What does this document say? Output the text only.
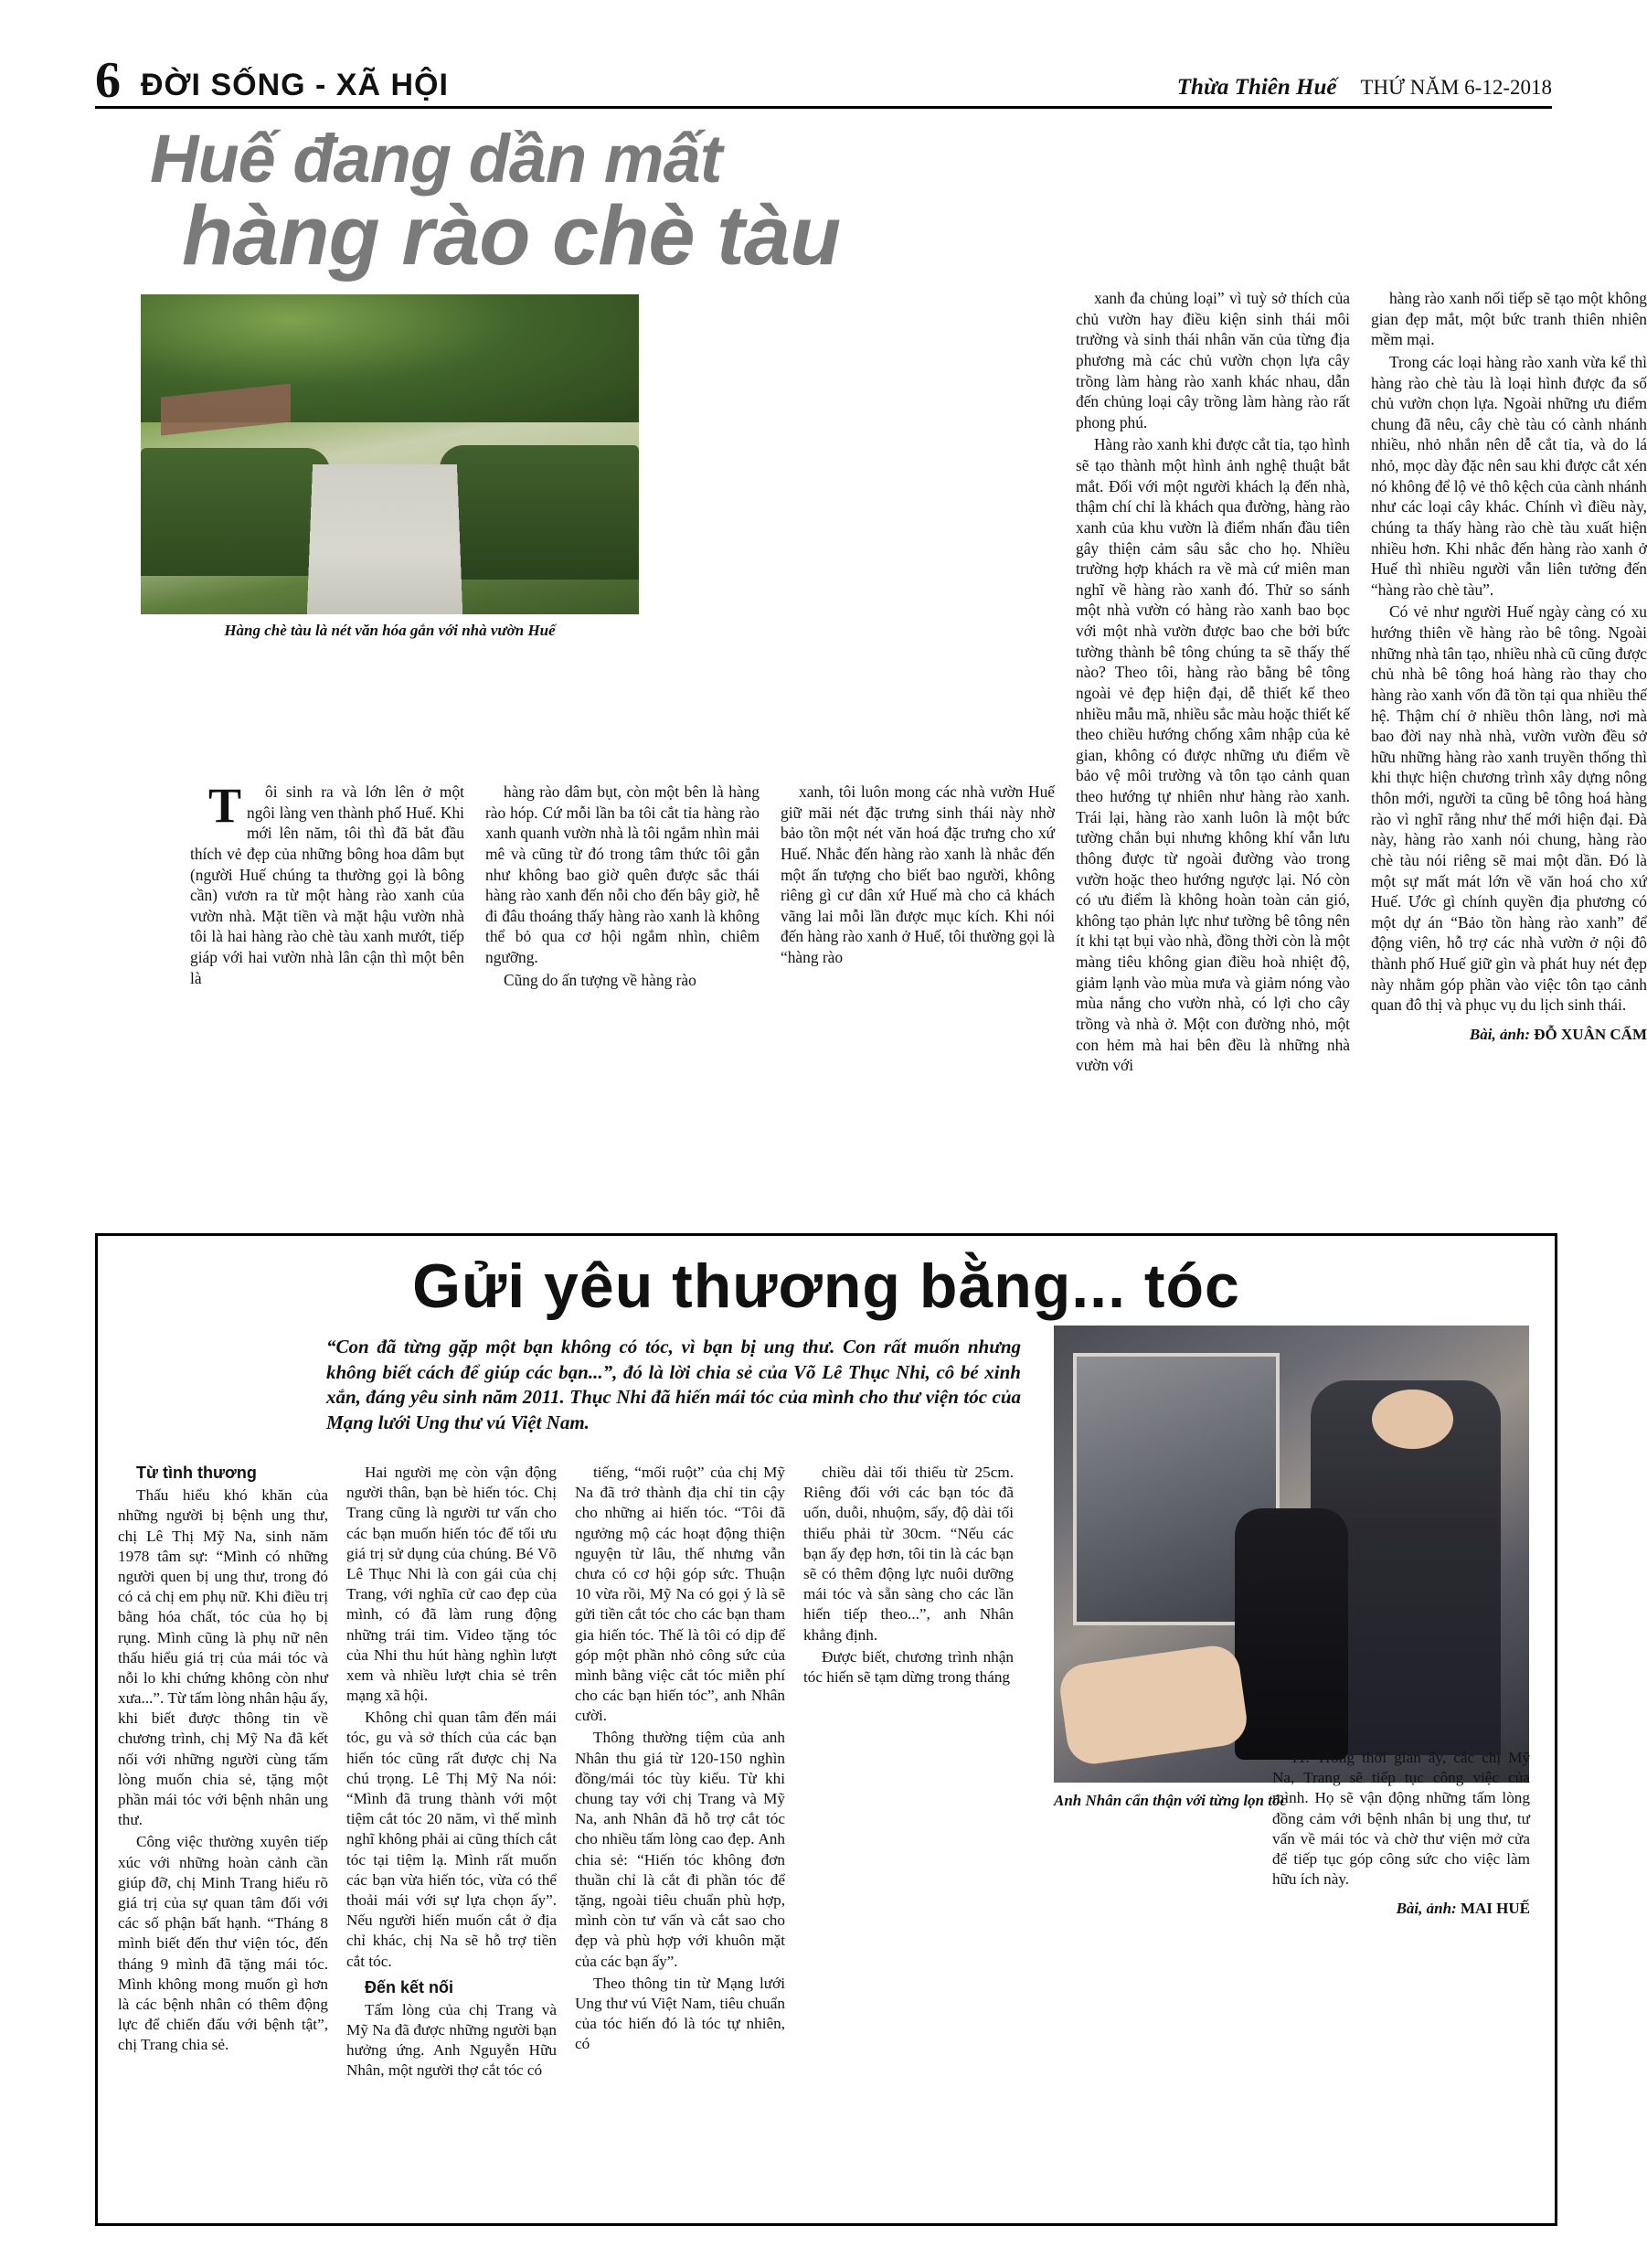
6 ĐỜI SỐNG - XÃ HỘI	Thừa Thiên Huế THỨ NĂM 6-12-2018
Huế đang dần mất
hàng rào chè tàu
Hàng chè tàu là nét văn hóa gắn với nhà vườn Huế

Tôi sinh ra và lớn lên ở một ngôi làng ven thành phố Huế. Khi mới lên năm, tôi thì đã bắt đầu thích vẻ đẹp của những bông hoa dâm bụt (người Huế chúng ta thường gọi là bông cần) vươn ra từ một hàng rào xanh của vườn nhà. Mặt tiền và mặt hậu vườn nhà tôi là hai hàng rào chè tàu xanh mướt, tiếp giáp với hai vườn nhà lân cận thì một bên là

hàng rào dâm bụt, còn một bên là hàng rào hóp. Cứ mỗi lần ba tôi cắt tỉa hàng rào xanh quanh vườn nhà là tôi ngắm nhìn mải mê và cũng từ đó trong tâm thức tôi gắn như không bao giờ quên được sắc thái hàng rào xanh đến nỗi cho đến bây giờ, hễ đi đâu thoáng thấy hàng rào xanh là không thể bỏ qua cơ hội ngắm nhìn, chiêm ngưỡng.

Cũng do ấn tượng về hàng rào

xanh, tôi luôn mong các nhà vườn Huế giữ mãi nét đặc trưng sinh thái này nhờ bảo tồn một nét văn hoá đặc trưng cho xứ Huế. Nhắc đến hàng rào xanh là nhắc đến một ấn tượng cho biết bao người, không riêng gì cư dân xứ Huế mà cho cả khách vãng lai mỗi lần được mục kích. Khi nói đến hàng rào xanh ở Huế, tôi thường gọi là “hàng rào

xanh đa chủng loại” vì tuỳ sở thích của chủ vườn hay điều kiện sinh thái môi trường và sinh thái nhân văn của từng địa phương mà các chủ vườn chọn lựa cây trồng làm hàng rào xanh khác nhau, dẫn đến chủng loại cây trồng làm hàng rào rất phong phú.

Hàng rào xanh khi được cắt tỉa, tạo hình sẽ tạo thành một hình ảnh nghệ thuật bắt mắt. Đối với một người khách lạ đến nhà, thậm chí chỉ là khách qua đường, hàng rào xanh của khu vườn là điểm nhấn đầu tiên gây thiện cảm sâu sắc cho họ. Nhiều trường hợp khách ra về mà cứ miên man nghĩ về hàng rào xanh đó. Thử so sánh một nhà vườn có hàng rào xanh bao bọc với một nhà vườn được bao che bởi bức tường thành bê tông chúng ta sẽ thấy thế nào? Theo tôi, hàng rào bằng bê tông ngoài vẻ đẹp hiện đại, dễ thiết kế theo nhiều mẫu mã, nhiều sắc màu hoặc thiết kế theo chiều hướng chống xâm nhập của kẻ gian, không có được những ưu điểm về bảo vệ môi trường và tôn tạo cảnh quan theo hướng tự nhiên như hàng rào xanh. Trái lại, hàng rào xanh luôn là một bức tường chắn bụi nhưng không khí vẫn lưu thông được từ ngoài đường vào trong vườn hoặc theo hướng ngược lại. Nó còn có ưu điểm là không hoàn toàn cản gió, không tạo phản lực như tường bê tông nên ít khi tạt bụi vào nhà, đồng thời còn là một màng tiêu không gian điều hoà nhiệt độ, giảm lạnh vào mùa mưa và giảm nóng vào mùa nắng cho vườn nhà, có lợi cho cây trồng và nhà ở. Một con đường nhỏ, một con hẻm mà hai bên đều là những nhà vườn với

hàng rào xanh nối tiếp sẽ tạo một không gian đẹp mắt, một bức tranh thiên nhiên mềm mại.

Trong các loại hàng rào xanh vừa kể thì hàng rào chè tàu là loại hình được đa số chủ vườn chọn lựa. Ngoài những ưu điểm chung đã nêu, cây chè tàu có cành nhánh nhiều, nhỏ nhắn nên dễ cắt tỉa, và do lá nhỏ, mọc dày đặc nên sau khi được cắt xén nó không để lộ vẻ thô kệch của cành nhánh như các loại cây khác. Chính vì điều này, chúng ta thấy hàng rào chè tàu xuất hiện nhiều hơn. Khi nhắc đến hàng rào xanh ở Huế thì nhiều người vẫn liên tưởng đến “hàng rào chè tàu”.

Có vẻ như người Huế ngày càng có xu hướng thiên về hàng rào bê tông. Ngoài những nhà tân tạo, nhiều nhà cũ cũng được chủ nhà bê tông hoá hàng rào thay cho hàng rào xanh vốn đã tồn tại qua nhiều thế hệ. Thậm chí ở nhiều thôn làng, nơi mà bao đời nay nhà nhà, vườn vườn đều sở hữu những hàng rào xanh truyền thống thì khi thực hiện chương trình xây dựng nông thôn mới, người ta cũng bê tông hoá hàng rào vì nghĩ rằng như thế mới hiện đại. Đà này, hàng rào xanh nói chung, hàng rào chè tàu nói riêng sẽ mai một dần. Đó là một sự mất mát lớn về văn hoá cho xứ Huế. Ước gì chính quyền địa phương có một dự án “Bảo tồn hàng rào xanh” để động viên, hỗ trợ các nhà vườn ở nội đô thành phố Huế giữ gìn và phát huy nét đẹp này nhằm góp phần vào việc tôn tạo cảnh quan đô thị và phục vụ du lịch sinh thái.

Bài, ảnh: ĐỖ XUÂN CẨM
Gửi yêu thương bằng... tóc
“Con đã từng gặp một bạn không có tóc, vì bạn bị ung thư. Con rất muốn nhưng không biết cách để giúp các bạn...”, đó là lời chia sẻ của Võ Lê Thục Nhi, cô bé xinh xắn, đáng yêu sinh năm 2011. Thục Nhi đã hiến mái tóc của mình cho thư viện tóc của Mạng lưới Ung thư vú Việt Nam.
Anh Nhân cẩn thận với từng lọn tóc

Từ tình thương

Thấu hiểu khó khăn của những người bị bệnh ung thư, chị Lê Thị Mỹ Na, sinh năm 1978 tâm sự: “Mình có những người quen bị ung thư, trong đó có cả chị em phụ nữ. Khi điều trị bằng hóa chất, tóc của họ bị rụng. Mình cũng là phụ nữ nên thấu hiểu giá trị của mái tóc và nỗi lo khi chứng không còn như xưa...”. Từ tấm lòng nhân hậu ấy, khi biết được thông tin về chương trình, chị Mỹ Na đã kết nối với những người cùng tấm lòng muốn chia sẻ, tặng một phần mái tóc với bệnh nhân ung thư.

Công việc thường xuyên tiếp xúc với những hoàn cảnh cần giúp đỡ, chị Minh Trang hiểu rõ giá trị của sự quan tâm đối với các số phận bất hạnh. “Tháng 8 mình biết đến thư viện tóc, đến tháng 9 mình đã tặng mái tóc. Mình không mong muốn gì hơn là các bệnh nhân có thêm động lực để chiến đấu với bệnh tật”, chị Trang chia sẻ.

Hai người mẹ còn vận động người thân, bạn bè hiến tóc. Chị Trang cũng là người tư vấn cho các bạn muốn hiến tóc để tối ưu giá trị sử dụng của chúng. Bé Võ Lê Thục Nhi là con gái của chị Trang, với nghĩa cử cao đẹp của mình, có đã làm rung động những trái tim. Video tặng tóc của Nhi thu hút hàng nghìn lượt xem và nhiều lượt chia sẻ trên mạng xã hội.

Không chỉ quan tâm đến mái tóc, gu và sở thích của các bạn hiến tóc cũng rất được chị Na chú trọng. Lê Thị Mỹ Na nói: “Mình đã trung thành với một tiệm cắt tóc 20 năm, vì thế mình nghĩ không phải ai cũng thích cắt tóc tại tiệm lạ. Mình rất muốn các bạn vừa hiến tóc, vừa có thể thoải mái với sự lựa chọn ấy”. Nếu người hiến muốn cắt ở địa chỉ khác, chị Na sẽ hỗ trợ tiền cắt tóc.

Đến kết nối

Tấm lòng của chị Trang và Mỹ Na đã được những người bạn hưởng ứng. Anh Nguyễn Hữu Nhân, một người thợ cắt tóc có

tiếng, “mối ruột” của chị Mỹ Na đã trở thành địa chỉ tin cậy cho những ai hiến tóc. “Tôi đã ngưởng mộ các hoạt động thiện nguyện từ lâu, thế nhưng vẫn chưa có cơ hội góp sức. Thuận 10 vừa rồi, Mỹ Na có gọi ý là sẽ gửi tiền cắt tóc cho các bạn tham gia hiến tóc. Thế là tôi có dịp để góp một phần nhỏ công sức của mình bằng việc cắt tóc miễn phí cho các bạn hiến tóc”, anh Nhân cười.

Thông thường tiệm của anh Nhân thu giá từ 120-150 nghìn đồng/mái tóc tùy kiểu. Từ khi chung tay với chị Trang và Mỹ Na, anh Nhân đã hỗ trợ cắt tóc cho nhiều tấm lòng cao đẹp. Anh chia sẻ: “Hiến tóc không đơn thuần chỉ là cắt đi phần tóc để tặng, ngoài tiêu chuẩn phù hợp, mình còn tư vấn và cắt sao cho đẹp và phù hợp với khuôn mặt của các bạn ấy”.

Theo thông tin từ Mạng lưới Ung thư vú Việt Nam, tiêu chuẩn của tóc hiến đó là tóc tự nhiên, có

chiều dài tối thiểu từ 25cm. Riêng đối với các bạn tóc đã uốn, duỗi, nhuộm, sấy, độ dài tối thiểu phải từ 30cm. “Nếu các bạn ấy đẹp hơn, tôi tin là các bạn sẽ có thêm động lực nuôi dưỡng mái tóc và sẵn sàng cho các lần hiến tiếp theo...”, anh Nhân khẳng định.

Được biết, chương trình nhận tóc hiến sẽ tạm dừng trong tháng

11. Trong thời gian ấy, các chị Mỹ Na, Trang sẽ tiếp tục công việc của mình. Họ sẽ vận động những tấm lòng đồng cảm với bệnh nhân bị ung thư, tư vấn về mái tóc và chờ thư viện mở cửa để tiếp tục góp công sức cho việc làm hữu ích này.

Bài, ảnh: MAI HUẾ
